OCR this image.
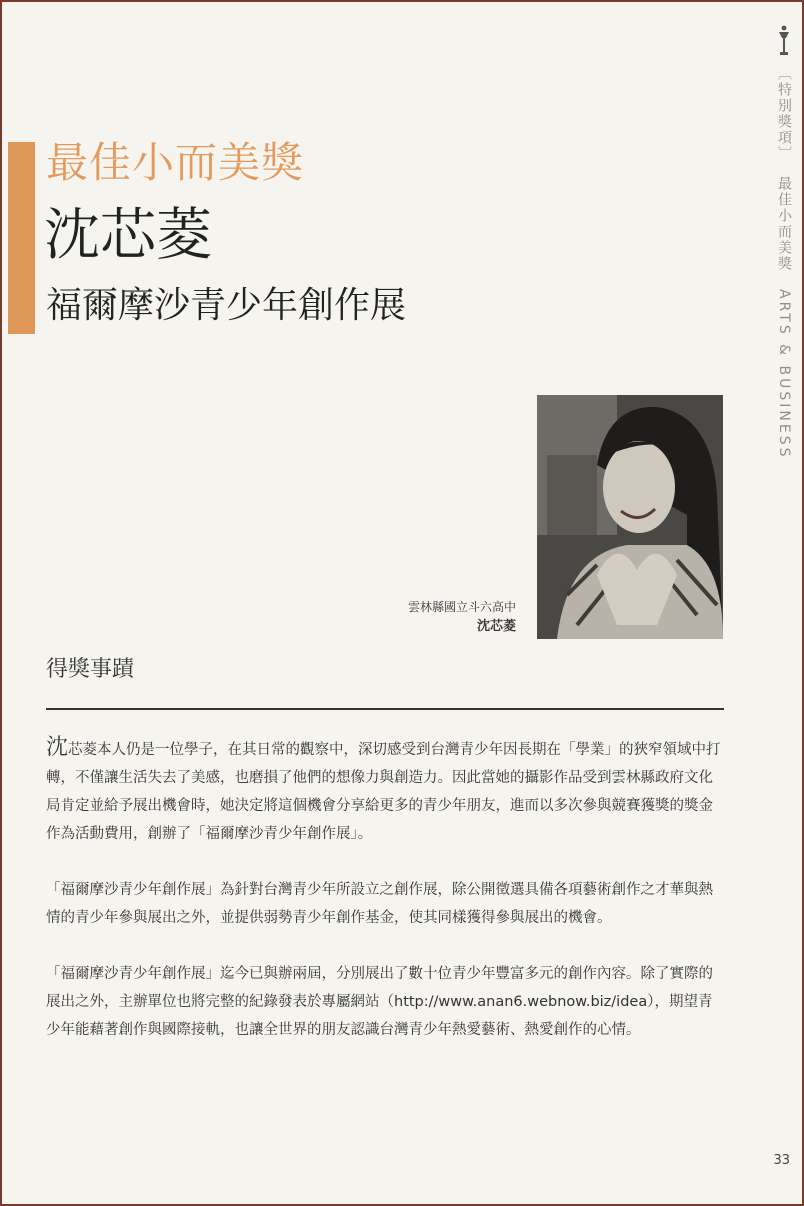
最佳小而美獎
沈芯菱
福爾摩沙青少年創作展
〔特別獎項〕 最佳小而美獎 ARTS & BUSINESS
雲林縣國立斗六高中
沈芯菱
得獎事蹟

沈芯菱本人仍是一位學子，在其日常的觀察中，深切感受到台灣青少年因長期在「學業」的狹窄領域中打轉，不僅讓生活失去了美感，也磨損了他們的想像力與創造力。因此當她的攝影作品受到雲林縣政府文化局肯定並給予展出機會時，她決定將這個機會分享給更多的青少年朋友，進而以多次參與競賽獲獎的獎金作為活動費用，創辦了「福爾摩沙青少年創作展」。

「福爾摩沙青少年創作展」為針對台灣青少年所設立之創作展，除公開徵選具備各項藝術創作之才華與熱情的青少年參與展出之外，並提供弱勢青少年創作基金，使其同樣獲得參與展出的機會。

「福爾摩沙青少年創作展」迄今已與辦兩屆，分別展出了數十位青少年豐富多元的創作內容。除了實際的展出之外，主辦單位也將完整的紀錄發表於專屬網站（http://www.anan6.webnow.biz/idea），期望青少年能藉著創作與國際接軌，也讓全世界的朋友認識台灣青少年熱愛藝術、熱愛創作的心情。

33
